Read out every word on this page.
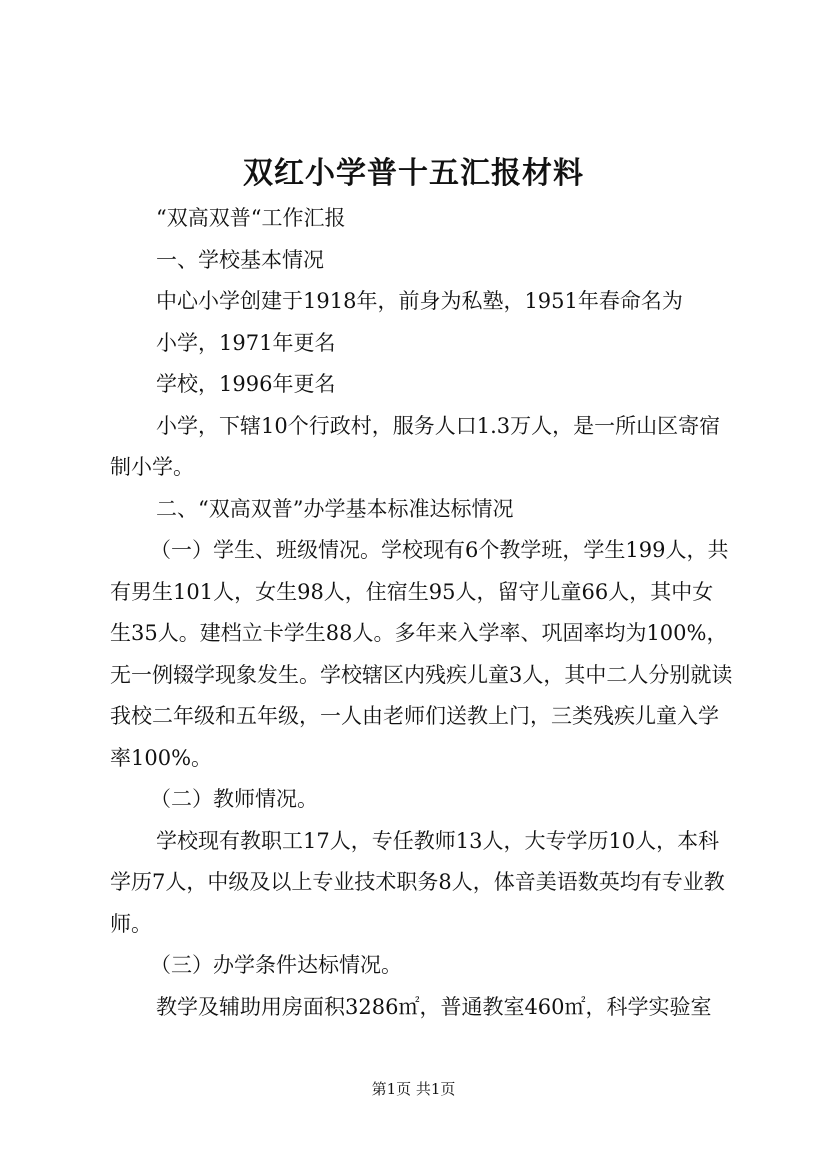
双红小学普十五汇报材料

“双高双普“工作汇报

一、学校基本情况

中心小学创建于1918年，前身为私塾，1951年春命名为

小学，1971年更名

学校，1996年更名

小学，下辖10个行政村，服务人口1.3万人，是一所山区寄宿制小学。

二、“双高双普”办学基本标准达标情况

（一）学生、班级情况。学校现有6个教学班，学生199人，共有男生101人，女生98人，住宿生95人，留守儿童66人，其中女生35人。建档立卡学生88人。多年来入学率、巩固率均为100%，无一例辍学现象发生。学校辖区内残疾儿童3人，其中二人分别就读我校二年级和五年级，一人由老师们送教上门，三类残疾儿童入学率100%。

（二）教师情况。

学校现有教职工17人，专任教师13人，大专学历10人，本科学历7人，中级及以上专业技术职务8人，体音美语数英均有专业教师。

（三）办学条件达标情况。

教学及辅助用房面积3286㎡，普通教室460㎡，科学实验室

第1页 共1页
